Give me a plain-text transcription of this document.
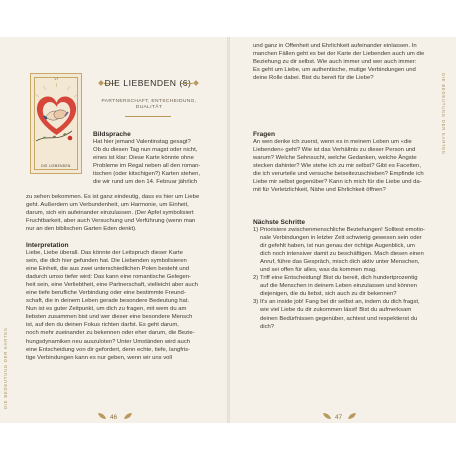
DIE BEDEUTUNG DER KARTEN
VI
DIE LIEBENDEN
DIE LIEBENDEN (6)
PARTNERSCHAFT, ENTSCHEIDUNG,
DUALITÄT
Bildsprache
Hat hier jemand Valentinstag gesagt?
Ob du diesen Tag nun magst oder nicht,
eines ist klar: Diese Karte könnte ohne
Probleme im Regal neben all den roman-
tischen (oder kitschigen?) Karten stehen,
die wir rund um den 14. Februar jährlich
zu sehen bekommen. Es ist ganz eindeutig, dass es hier um Liebe
geht. Außerdem um Verbundenheit, um Harmonie, um Einheit,
darum, sich ein aufeinander einzulassen. (Der Apfel symbolisiert
Fruchtbarkeit, aber auch Versuchung und Verführung (wenn man
nur an den biblischen Garten Eden denkt).
Interpretation
Liebe, Liebe überall. Das könnte der Leitspruch dieser Karte
sein, die dich hier gefunden hat. Die Liebenden symbolisieren
eine Einheit, die aus zwei unterschiedlichen Polen besteht und
dadurch umso tiefer wird: Das kann eine romantische Gelegen-
heit sein, eine Verliebtheit, eine Partnerschaft, vielleicht aber auch
eine tiefe berufliche Verbindung oder eine bestimmte Freund-
schaft, die in deinem Leben gerade besondere Bedeutung hat.
Nun ist es guter Zeitpunkt, um dich zu fragen, mit wem du am
liebsten zusammen bist und wer dieser eine besondere Mensch
ist, auf den du deinen Fokus richten darfst. Es geht darum,
noch mehr zueinander zu bekennen oder eher darum, die Bezie-
hungsdynamiken neu auszuloten? Unter Umständen wird auch
eine Entscheidung von dir gefordert, denn echte, tiefe, langfris-
tige Verbindungen kann es nur geben, wenn wir uns voll
46
und ganz in Offenheit und Ehrlichkeit aufeinander einlassen. In
manchen Fällen geht es bei der Karte der Liebenden auch um die
Beziehung zu dir selbst. Wie auch immer und wer auch immer:
Es geht um Liebe, um authentische, mutige Verbindungen und
deine Rolle dabei. Bist du bereit für die Liebe?
Fragen
An wen denke ich zuerst, wenn es in meinem Leben um «die
Liebenden» geht? Wie ist das Verhältnis zu dieser Person und
warum? Welche Sehnsucht, welche Gedanken, welche Ängste
stecken dahinter? Wie stehe ich zu mir selbst? Gibt es Facetten,
die ich verurteile und versuche beiseitezuschieben? Empfinde ich
Liebe mir selbst gegenüber? Kann ich mich für die Liebe und da-
mit für Verletzlichkeit, Nähe und Ehrlichkeit öffnen?
Nächste Schritte
1) Priorisiere zwischenmenschliche Beziehungen! Solltest emotio-
nale Verbindungen in letzter Zeit schwierig gewesen sein oder
dir gefehlt haben, ist nun genau der richtige Augenblick, um
dich noch intensiver damit zu beschäftigen. Mach diesen einen
Anruf, führe das Gespräch, misch dich aktiv unter Menschen,
und sei offen für alles, was da kommen mag.
2) Triff eine Entscheidung! Bist du bereit, dich hundertprozentig
auf die Menschen in deinem Leben einzulassen und können
diejenigen, die du liebst, sich auch zu dir bekennen?
3) It's an inside job! Fang bei dir selbst an, indem du dich fragst,
wie viel Liebe du dir zukommen lässt! Bist du aufmerksam
deinen Bedürfnissen gegenüber, achtest und respektierst du
dich?
47
DIE BEDEUTUNG DER KARTEN
